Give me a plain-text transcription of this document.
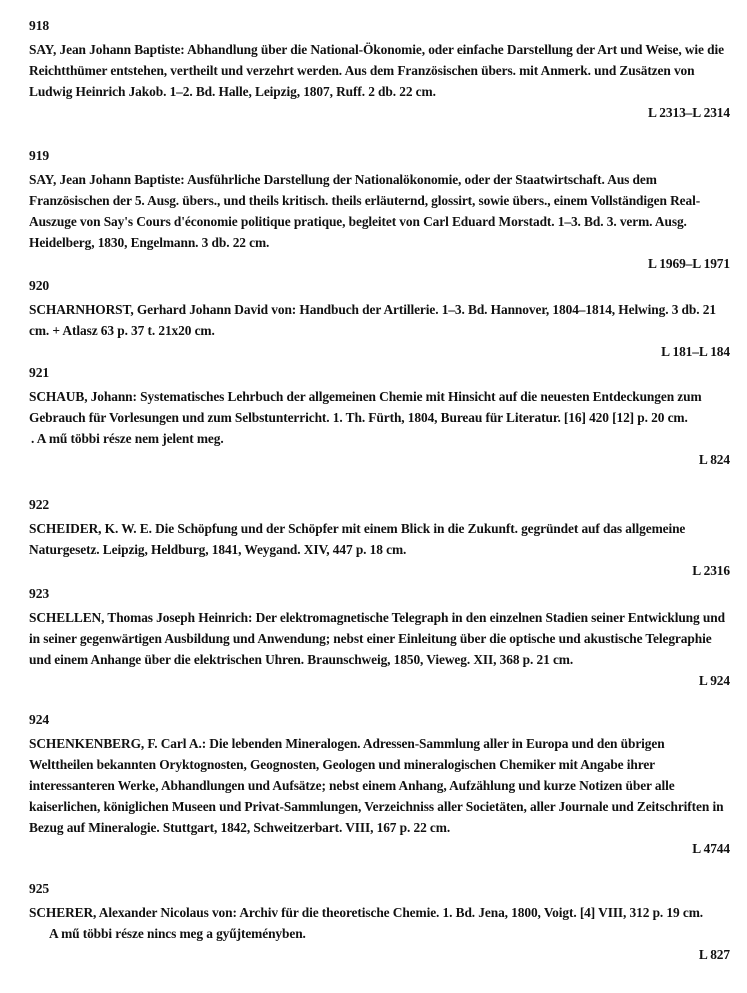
918
SAY, Jean Johann Baptiste: Abhandlung über die National-Ökonomie, oder einfache Darstellung der Art und Weise, wie die Reichtthümer entstehen, vertheilt und verzehrt werden. Aus dem Französischen übers. mit Anmerk. und Zusätzen von Ludwig Heinrich Jakob. 1–2. Bd. Halle, Leipzig, 1807, Ruff. 2 db. 22 cm.
L 2313–L 2314
919
SAY, Jean Johann Baptiste: Ausführliche Darstellung der Nationalökonomie, oder der Staatwirtschaft. Aus dem Französischen der 5. Ausg. übers., und theils kritisch. theils erläuternd, glossirt, sowie übers., einem Vollständigen Real-Auszuge von Say's Cours d'économie politique pratique, begleitet von Carl Eduard Morstadt. 1–3. Bd. 3. verm. Ausg. Heidelberg, 1830, Engelmann. 3 db. 22 cm.
L 1969–L 1971
920
SCHARNHORST, Gerhard Johann David von: Handbuch der Artillerie. 1–3. Bd. Hannover, 1804–1814, Helwing. 3 db. 21 cm. + Atlasz 63 p. 37 t. 21x20 cm.
L 181–L 184
921
SCHAUB, Johann: Systematisches Lehrbuch der allgemeinen Chemie mit Hinsicht auf die neuesten Entdeckungen zum Gebrauch für Vorlesungen und zum Selbstunterricht. 1. Th. Fürth, 1804, Bureau für Literatur. [16] 420 [12] p. 20 cm.
. A mű többi része nem jelent meg.
L 824
922
SCHEIDER, K. W. E. Die Schöpfung und der Schöpfer mit einem Blick in die Zukunft. gegründet auf das allgemeine Naturgesetz. Leipzig, Heldburg, 1841, Weygand. XIV, 447 p. 18 cm.
L 2316
923
SCHELLEN, Thomas Joseph Heinrich: Der elektromagnetische Telegraph in den einzelnen Stadien seiner Entwicklung und in seiner gegenwärtigen Ausbildung und Anwendung; nebst einer Einleitung über die optische und akustische Telegraphie und einem Anhange über die elektrischen Uhren. Braunschweig, 1850, Vieweg. XII, 368 p. 21 cm.
L 924
924
SCHENKENBERG, F. Carl A.: Die lebenden Mineralogen. Adressen-Sammlung aller in Europa und den übrigen Welttheilen bekannten Oryktognosten, Geognosten, Geologen und mineralogischen Chemiker mit Angabe ihrer interessanteren Werke, Abhandlungen und Aufsätze; nebst einem Anhang, Aufzählung und kurze Notizen über alle kaiserlichen, königlichen Museen und Privat-Sammlungen, Verzeichniss aller Societäten, aller Journale und Zeitschriften in Bezug auf Mineralogie. Stuttgart, 1842, Schweitzerbart. VIII, 167 p. 22 cm.
L 4744
925
SCHERER, Alexander Nicolaus von: Archiv für die theoretische Chemie. 1. Bd. Jena, 1800, Voigt. [4] VIII, 312 p. 19 cm.
A mű többi része nincs meg a gyűjteményben.
L 827
